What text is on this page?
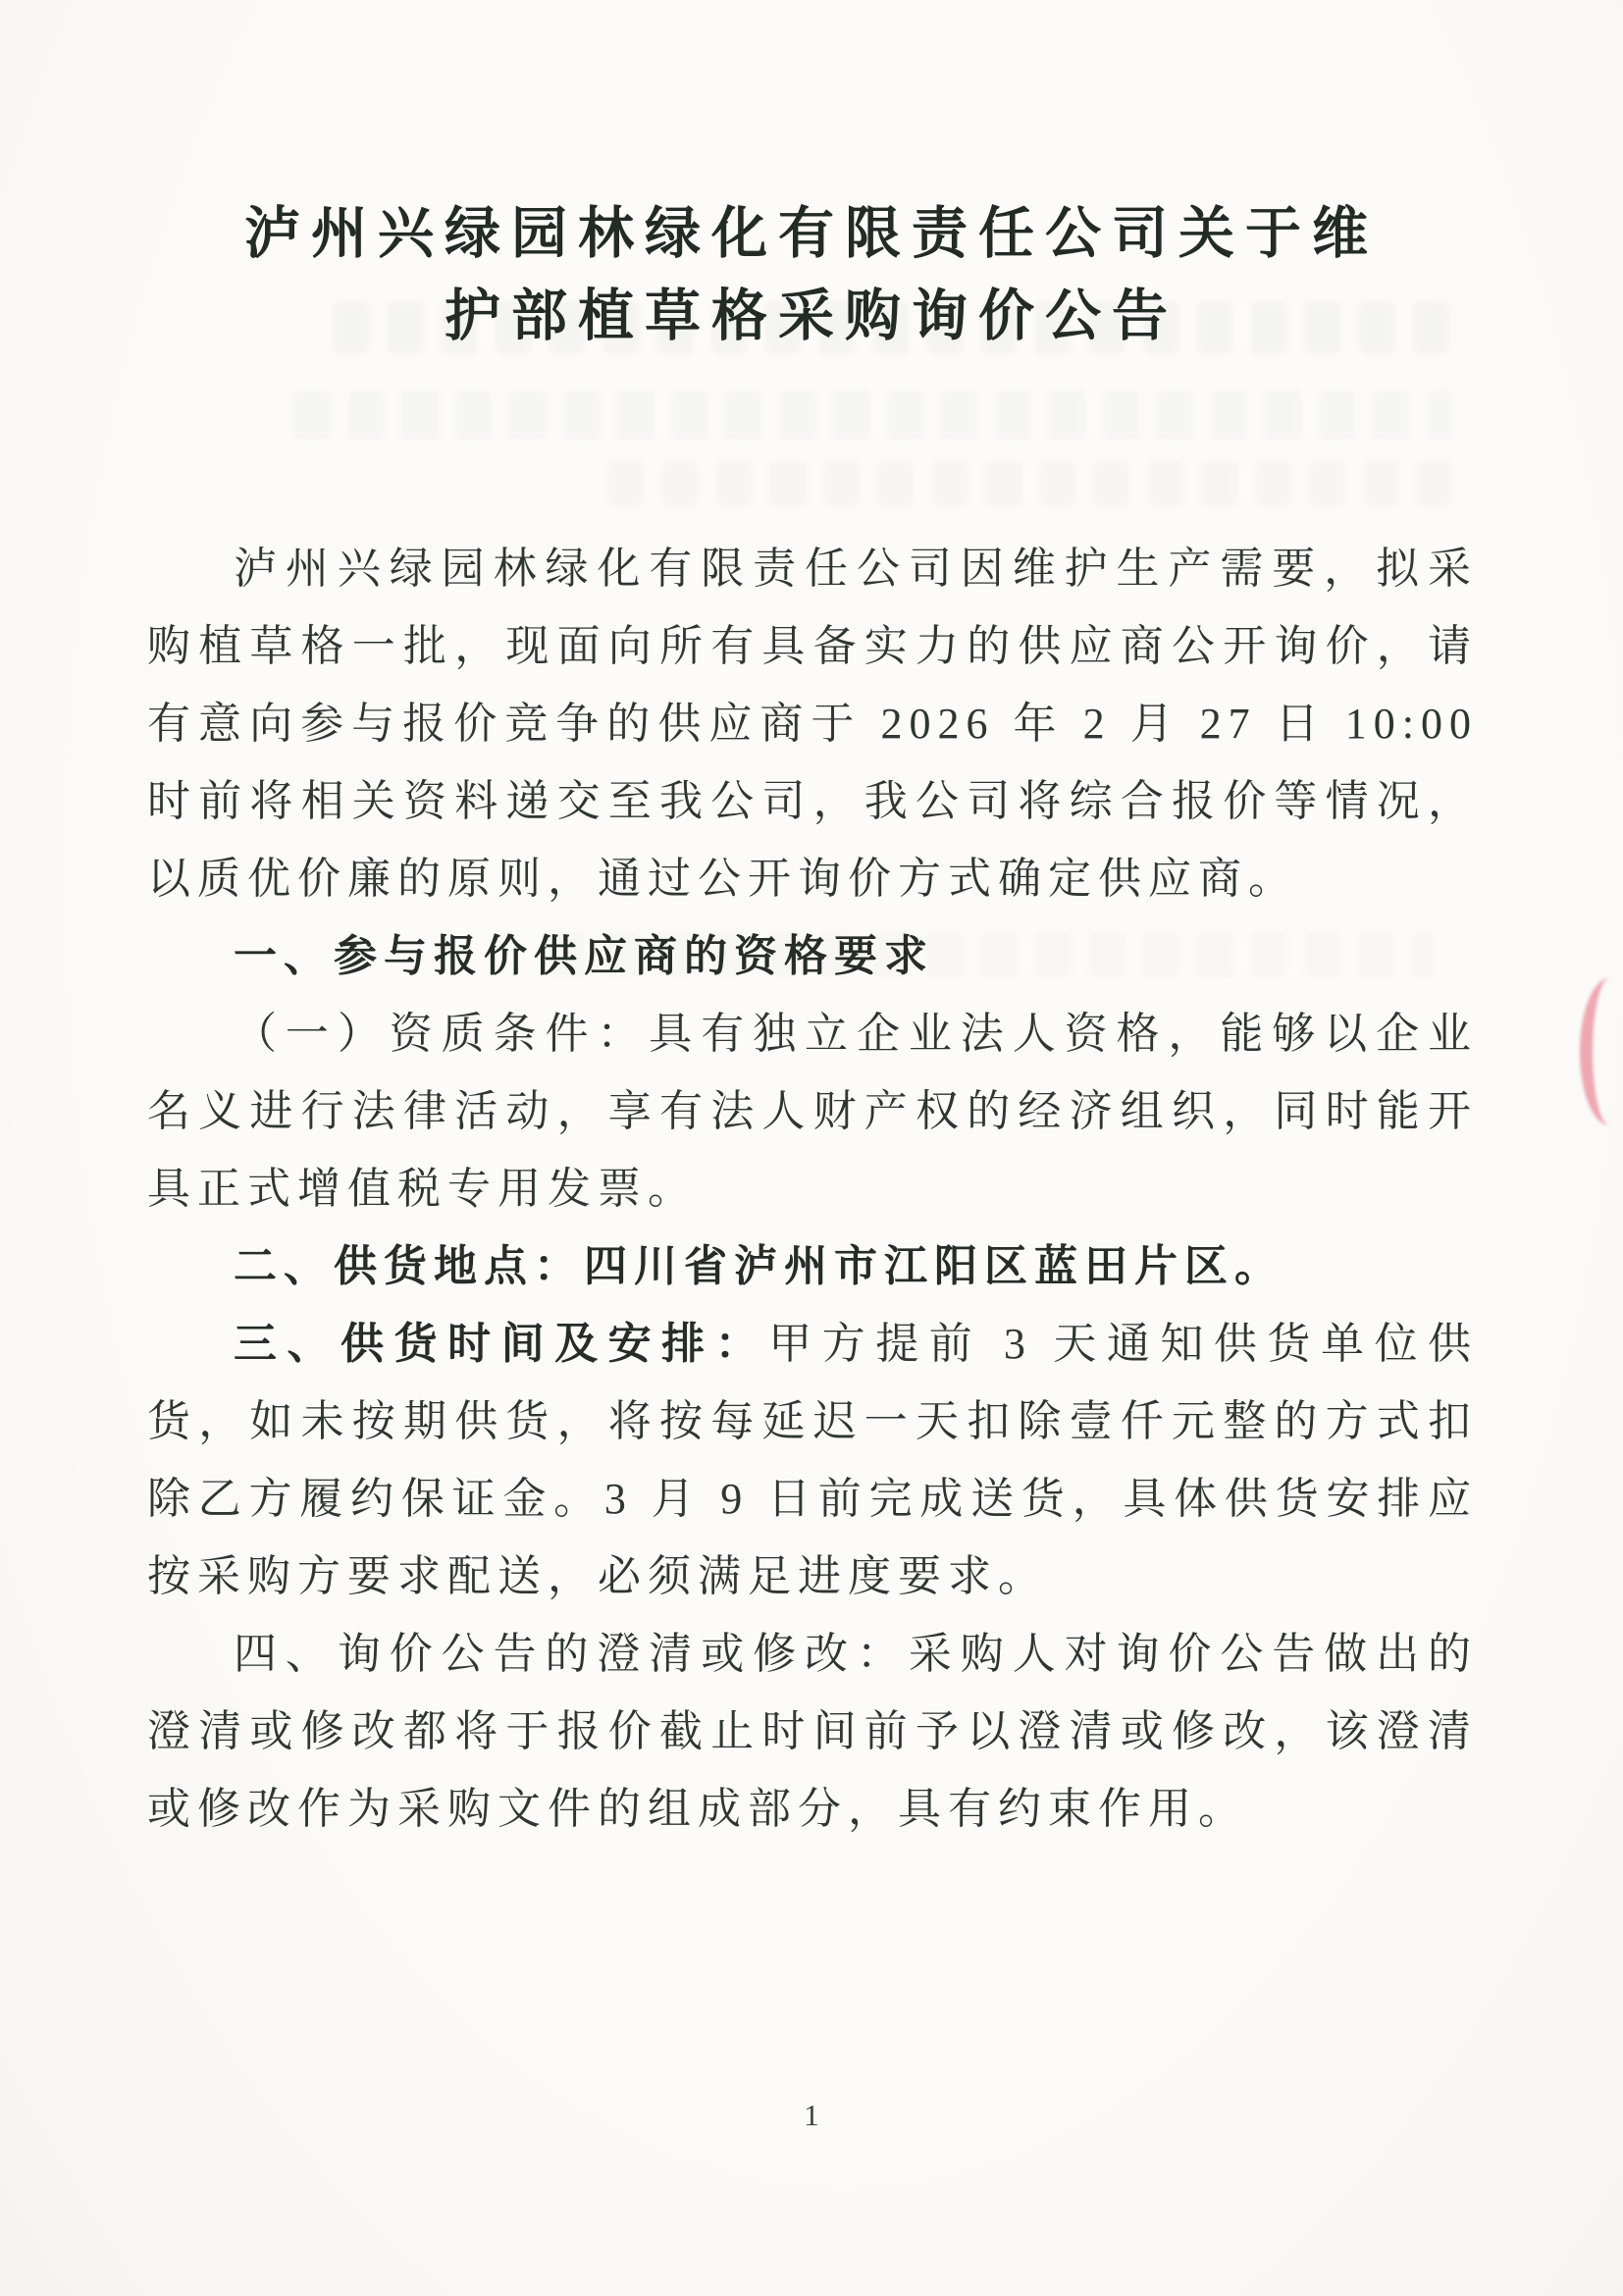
泸州兴绿园林绿化有限责任公司关于维
护部植草格采购询价公告

泸州兴绿园林绿化有限责任公司因维护生产需要，拟采购植草格一批，现面向所有具备实力的供应商公开询价，请有意向参与报价竞争的供应商于 2026 年 2 月 27 日 10:00 时前将相关资料递交至我公司，我公司将综合报价等情况，以质优价廉的原则，通过公开询价方式确定供应商。

一、参与报价供应商的资格要求

（一）资质条件：具有独立企业法人资格，能够以企业名义进行法律活动，享有法人财产权的经济组织，同时能开具正式增值税专用发票。

二、供货地点：四川省泸州市江阳区蓝田片区。

三、供货时间及安排：甲方提前 3 天通知供货单位供货，如未按期供货，将按每延迟一天扣除壹仟元整的方式扣除乙方履约保证金。3 月 9 日前完成送货，具体供货安排应按采购方要求配送，必须满足进度要求。

四、询价公告的澄清或修改：采购人对询价公告做出的澄清或修改都将于报价截止时间前予以澄清或修改，该澄清或修改作为采购文件的组成部分，具有约束作用。

1
